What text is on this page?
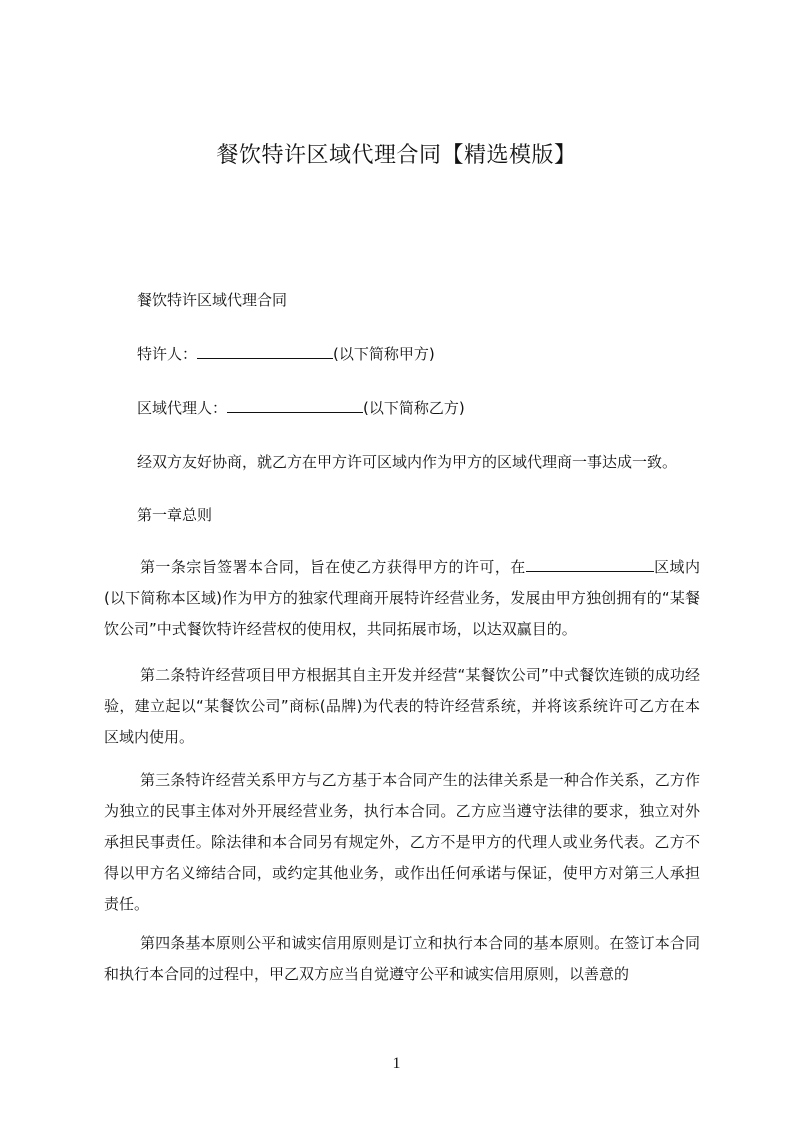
餐饮特许区域代理合同【精选模版】
餐饮特许区域代理合同
特许人：	(以下简称甲方)
区域代理人：	(以下简称乙方)
经双方友好协商，就乙方在甲方许可区域内作为甲方的区域代理商一事达成一致。
第一章总则
第一条宗旨签署本合同，旨在使乙方获得甲方的许可，在	区域内(以下简称本区域)作为甲方的独家代理商开展特许经营业务，发展由甲方独创拥有的“某餐饮公司”中式餐饮特许经营权的使用权，共同拓展市场，以达双赢目的。
第二条特许经营项目甲方根据其自主开发并经营“某餐饮公司”中式餐饮连锁的成功经验，建立起以“某餐饮公司”商标(品牌)为代表的特许经营系统，并将该系统许可乙方在本区域内使用。
第三条特许经营关系甲方与乙方基于本合同产生的法律关系是一种合作关系，乙方作为独立的民事主体对外开展经营业务，执行本合同。乙方应当遵守法律的要求，独立对外承担民事责任。除法律和本合同另有规定外，乙方不是甲方的代理人或业务代表。乙方不得以甲方名义缔结合同，或约定其他业务，或作出任何承诺与保证，使甲方对第三人承担责任。
第四条基本原则公平和诚实信用原则是订立和执行本合同的基本原则。在签订本合同和执行本合同的过程中，甲乙双方应当自觉遵守公平和诚实信用原则，以善意的
1
